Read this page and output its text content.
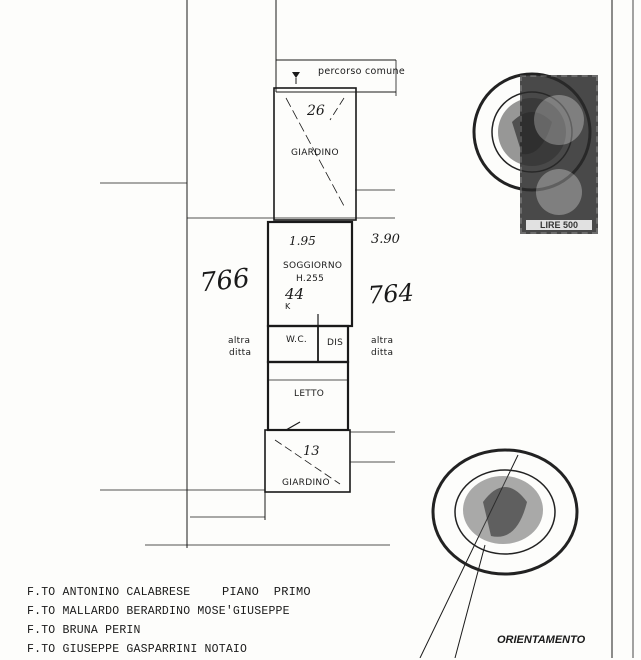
percorso comune
26
GIARDINO
1.95	3.90
SOGGIORNO
H.255
44
K
766	764
altra
ditta
altra
ditta
W.C. DIS
LETTO
13
GIARDINO
LIRE 500
F.TO ANTONINO CALABRESE	PIANO  PRIMO
F.TO MALLARDO BERARDINO MOSE'GIUSEPPE
F.TO BRUNA PERIN
F.TO GIUSEPPE GASPARRINI NOTAIO
ORIENTAMENTO
